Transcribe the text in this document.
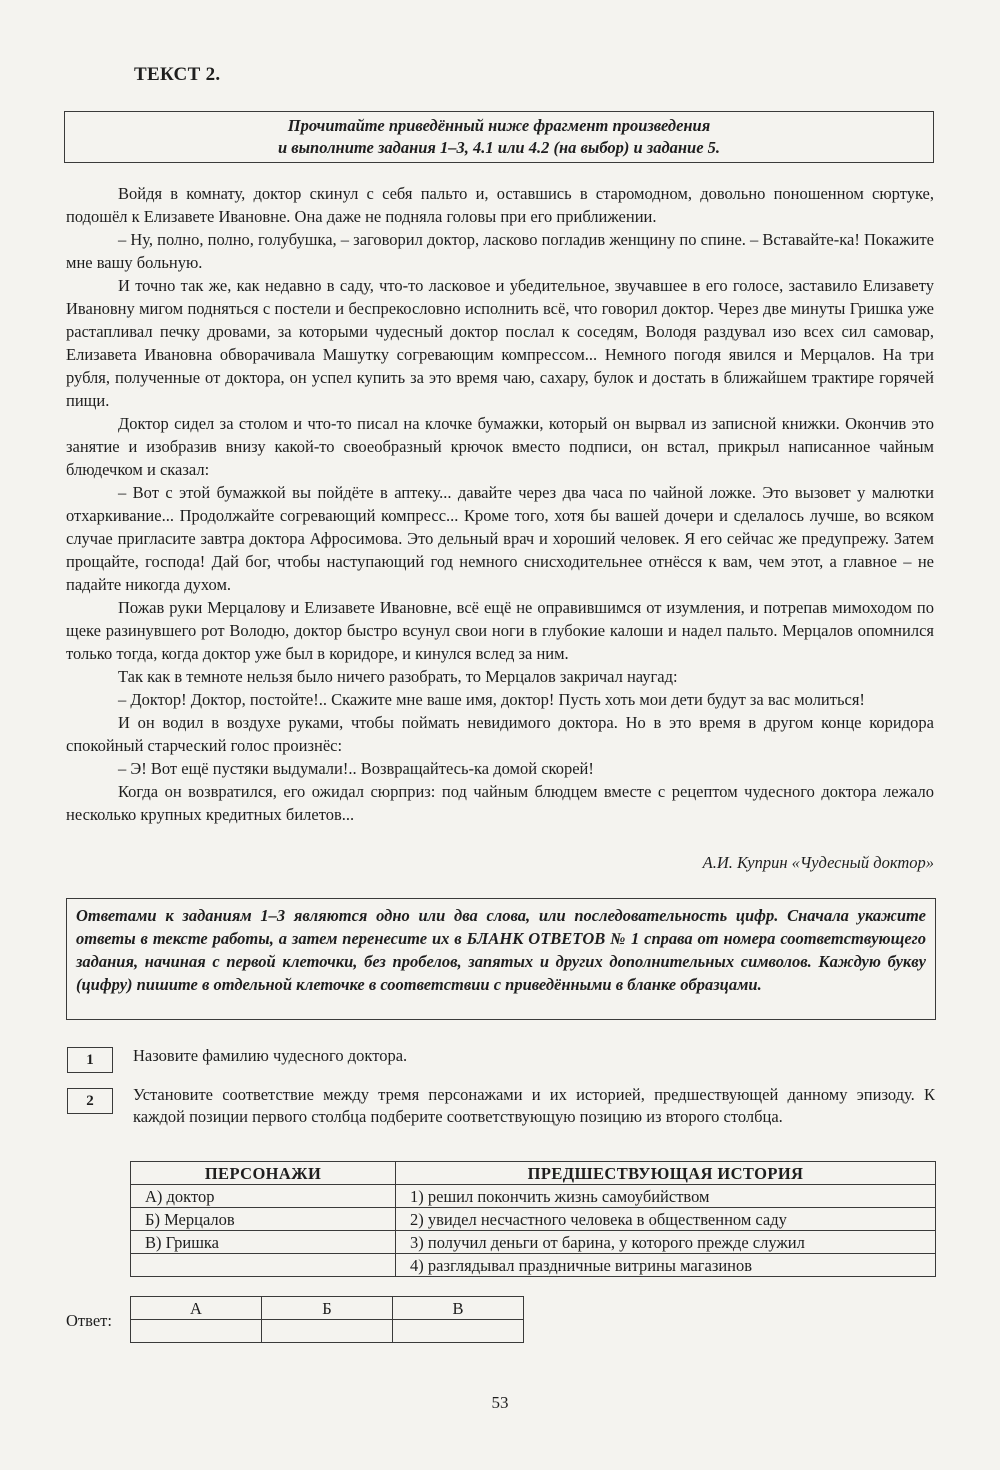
ТЕКСТ 2.
Прочитайте приведённый ниже фрагмент произведения
и выполните задания 1–3, 4.1 или 4.2 (на выбор) и задание 5.

Войдя в комнату, доктор скинул с себя пальто и, оставшись в старомодном, довольно поношенном сюртуке, подошёл к Елизавете Ивановне. Она даже не подняла головы при его приближении.

– Ну, полно, полно, голубушка, – заговорил доктор, ласково погладив женщину по спине. – Вставайте-ка! Покажите мне вашу больную.

И точно так же, как недавно в саду, что-то ласковое и убедительное, звучавшее в его голосе, заставило Елизавету Ивановну мигом подняться с постели и беспрекословно исполнить всё, что говорил доктор. Через две минуты Гришка уже растапливал печку дровами, за которыми чудесный доктор послал к соседям, Володя раздувал изо всех сил самовар, Елизавета Ивановна обворачивала Машутку согревающим компрессом... Немного погодя явился и Мерцалов. На три рубля, полученные от доктора, он успел купить за это время чаю, сахару, булок и достать в ближайшем трактире горячей пищи.

Доктор сидел за столом и что-то писал на клочке бумажки, который он вырвал из записной книжки. Окончив это занятие и изобразив внизу какой-то своеобразный крючок вместо подписи, он встал, прикрыл написанное чайным блюдечком и сказал:

– Вот с этой бумажкой вы пойдёте в аптеку... давайте через два часа по чайной ложке. Это вызовет у малютки отхаркивание... Продолжайте согревающий компресс... Кроме того, хотя бы вашей дочери и сделалось лучше, во всяком случае пригласите завтра доктора Афросимова. Это дельный врач и хороший человек. Я его сейчас же предупрежу. Затем прощайте, господа! Дай бог, чтобы наступающий год немного снисходительнее отнёсся к вам, чем этот, а главное – не падайте никогда духом.

Пожав руки Мерцалову и Елизавете Ивановне, всё ещё не оправившимся от изумления, и потрепав мимоходом по щеке разинувшего рот Володю, доктор быстро всунул свои ноги в глубокие калоши и надел пальто. Мерцалов опомнился только тогда, когда доктор уже был в коридоре, и кинулся вслед за ним.

Так как в темноте нельзя было ничего разобрать, то Мерцалов закричал наугад:

– Доктор! Доктор, постойте!.. Скажите мне ваше имя, доктор! Пусть хоть мои дети будут за вас молиться!

И он водил в воздухе руками, чтобы поймать невидимого доктора. Но в это время в другом конце коридора спокойный старческий голос произнёс:

– Э! Вот ещё пустяки выдумали!.. Возвращайтесь-ка домой скорей!

Когда он возвратился, его ожидал сюрприз: под чайным блюдцем вместе с рецептом чудесного доктора лежало несколько крупных кредитных билетов...

А.И. Куприн «Чудесный доктор»
Ответами к заданиям 1–3 являются одно или два слова, или последовательность цифр. Сначала укажите ответы в тексте работы, а затем перенесите их в БЛАНК ОТВЕТОВ № 1 справа от номера соответствующего задания, начиная с первой клеточки, без пробелов, запятых и других дополнительных символов. Каждую букву (цифру) пишите в отдельной клеточке в соответствии с приведёнными в бланке образцами.
1	Назовите фамилию чудесного доктора.
2	Установите соответствие между тремя персонажами и их историей, предшествующей данному эпизоду. К каждой позиции первого столбца подберите соответствующую позицию из второго столбца.
ПЕРСОНАЖИ	ПРЕДШЕСТВУЮЩАЯ ИСТОРИЯ
А) доктор	1) решил покончить жизнь самоубийством
Б) Мерцалов	2) увидел несчастного человека в общественном саду
В) Гришка	3) получил деньги от барина, у которого прежде служил
	4) разглядывал праздничные витрины магазинов
Ответ:
А	Б	В

53
